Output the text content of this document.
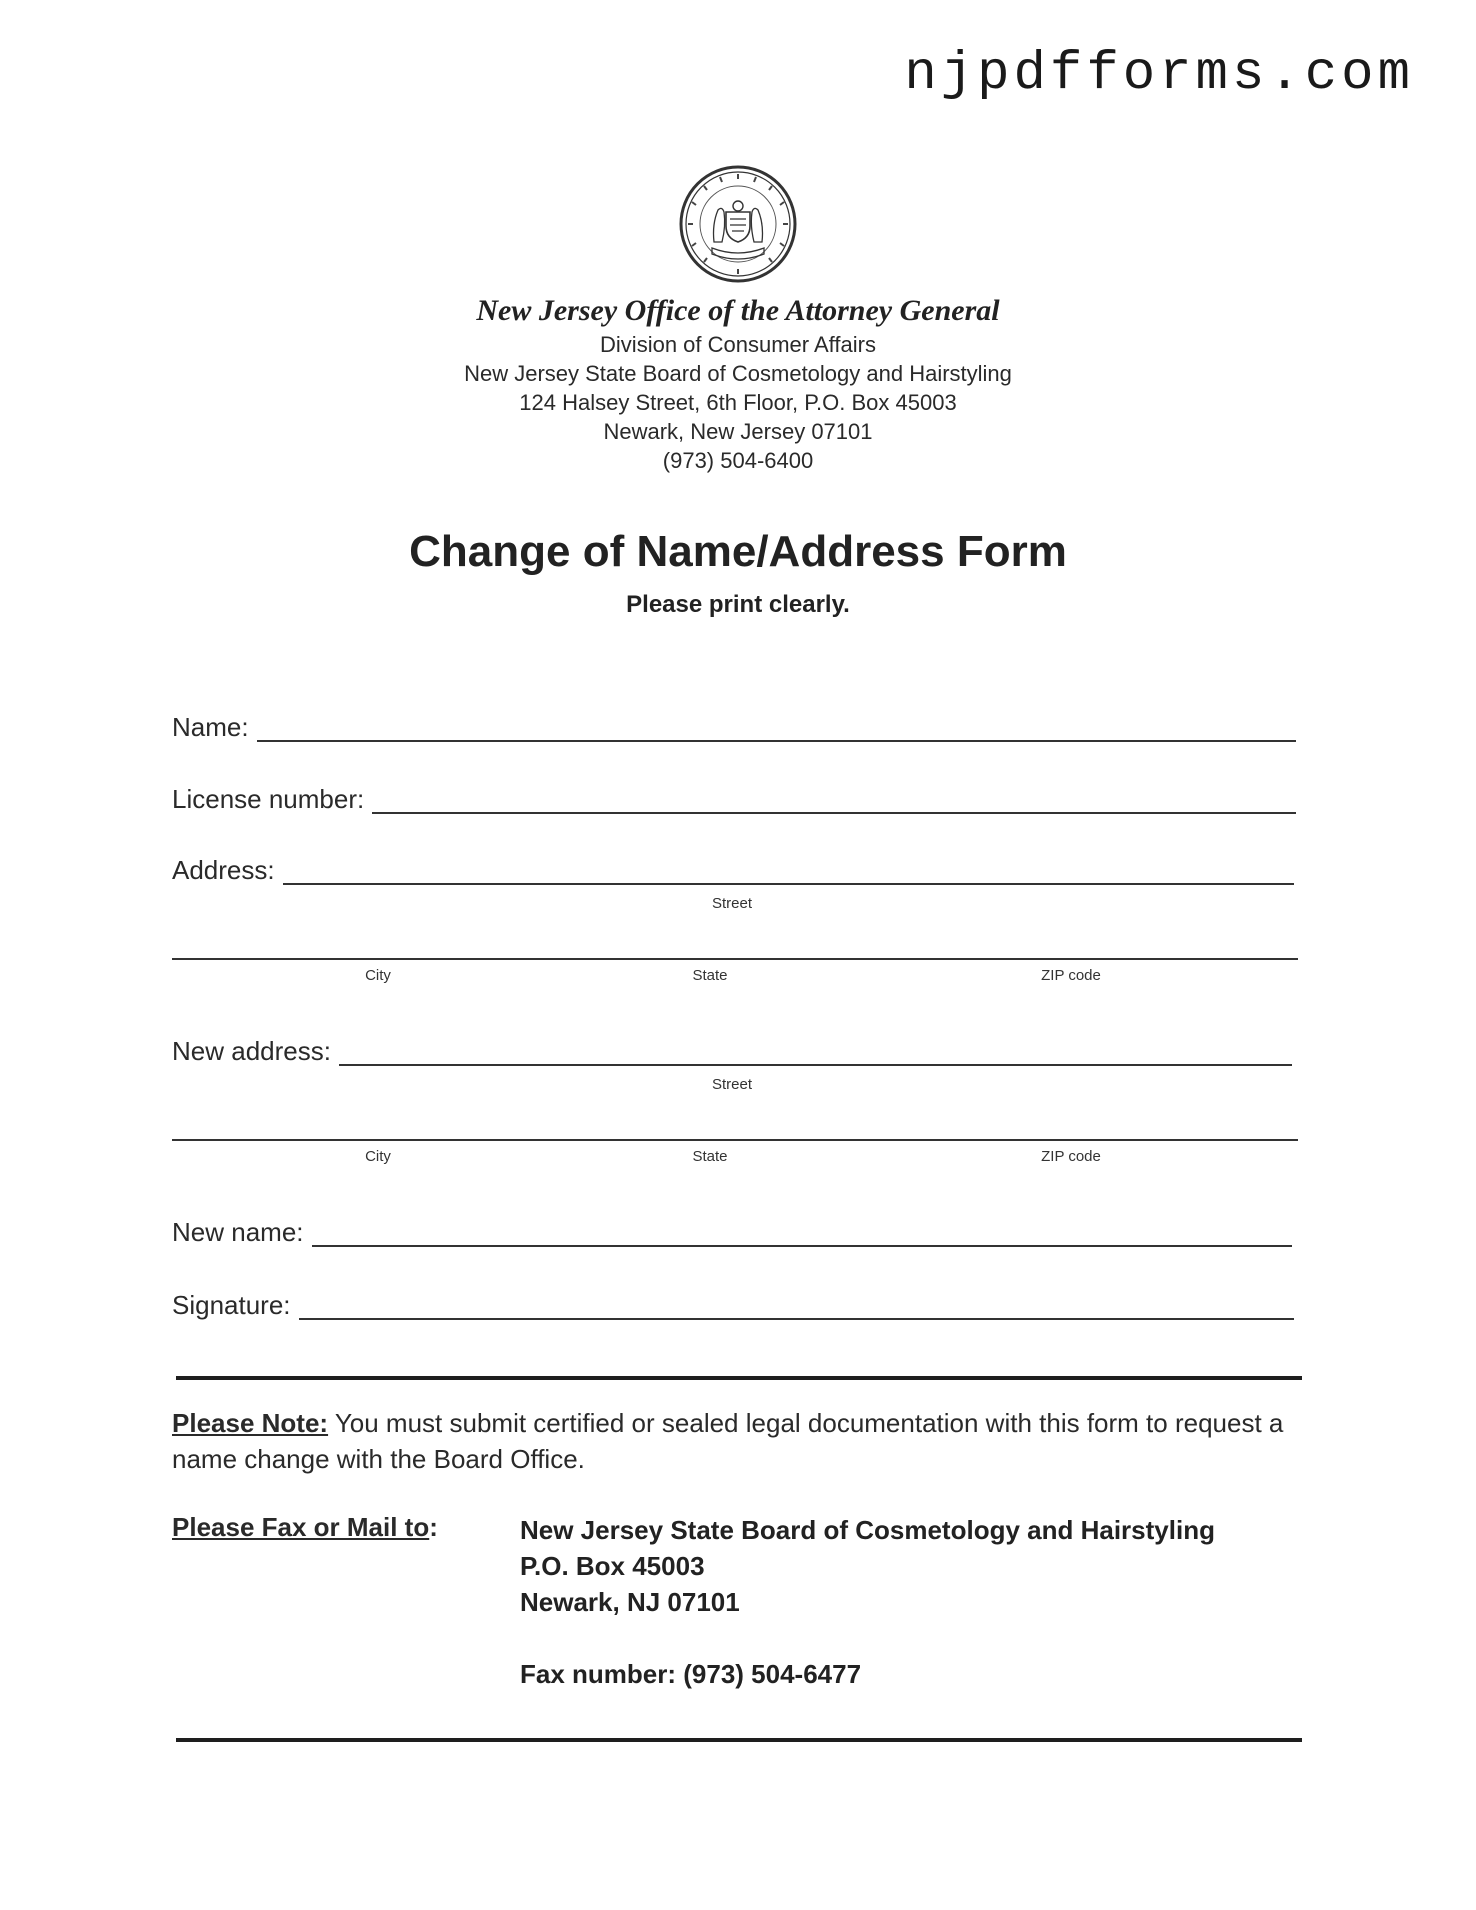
njpdfforms.com
New Jersey Office of the Attorney General
Division of Consumer Affairs
New Jersey State Board of Cosmetology and Hairstyling
124 Halsey Street, 6th Floor, P.O. Box 45003
Newark, New Jersey 07101
(973) 504-6400
Change of Name/Address Form
Please print clearly.
Name:
License number:
Address:
Street
City	State	ZIP code
New address:
Street
City	State	ZIP code
New name:
Signature:
Please Note: You must submit certified or sealed legal documentation with this form to request a name change with the Board Office.
Please Fax or Mail to:	New Jersey State Board of Cosmetology and Hairstyling
P.O. Box 45003
Newark, NJ 07101
Fax number: (973) 504-6477
